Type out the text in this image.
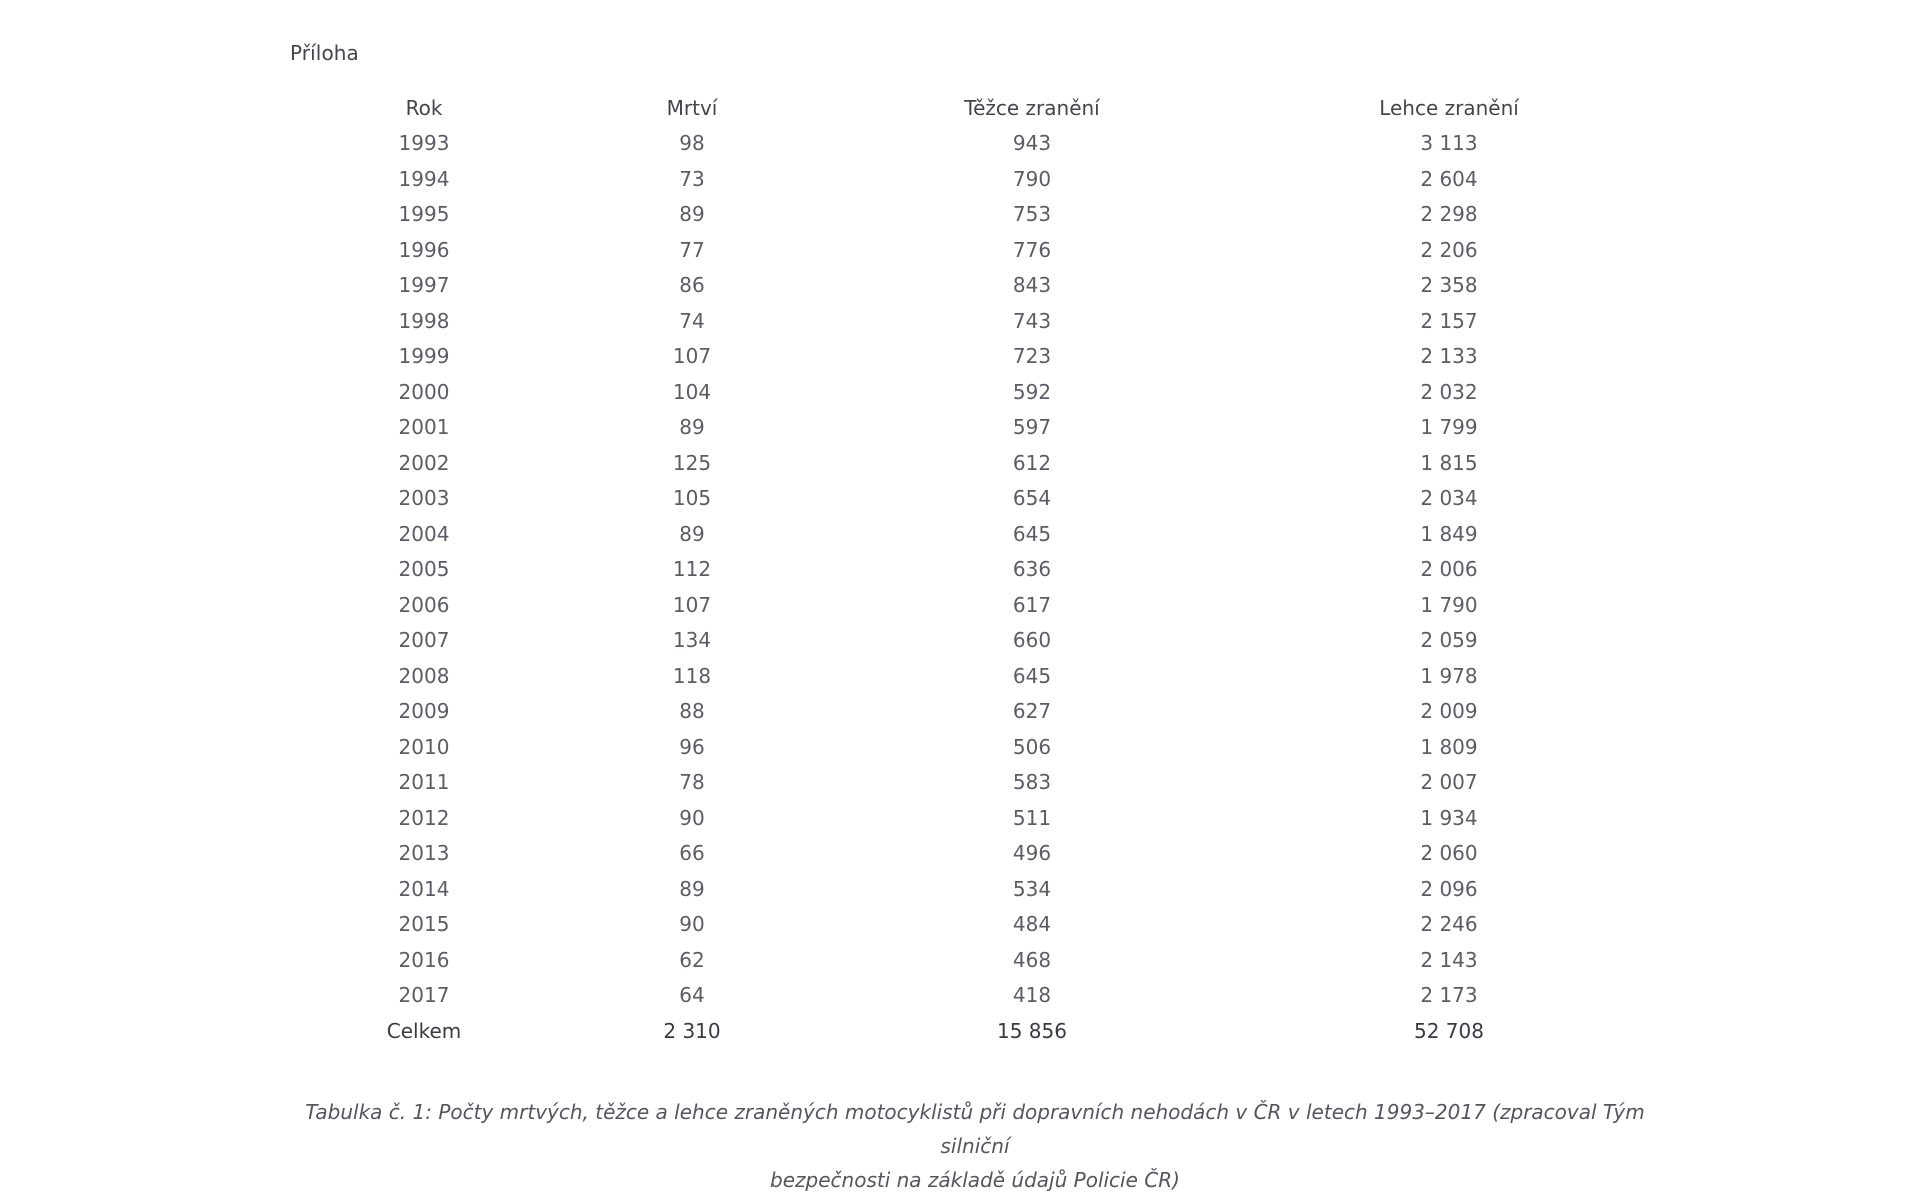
Příloha
Rok	Mrtví	Těžce zranění	Lehce zranění
1993	98	943	3 113
1994	73	790	2 604
1995	89	753	2 298
1996	77	776	2 206
1997	86	843	2 358
1998	74	743	2 157
1999	107	723	2 133
2000	104	592	2 032
2001	89	597	1 799
2002	125	612	1 815
2003	105	654	2 034
2004	89	645	1 849
2005	112	636	2 006
2006	107	617	1 790
2007	134	660	2 059
2008	118	645	1 978
2009	88	627	2 009
2010	96	506	1 809
2011	78	583	2 007
2012	90	511	1 934
2013	66	496	2 060
2014	89	534	2 096
2015	90	484	2 246
2016	62	468	2 143
2017	64	418	2 173
Celkem	2 310	15 856	52 708
Tabulka č. 1: Počty mrtvých, těžce a lehce zraněných motocyklistů při dopravních nehodách v ČR v letech 1993–2017 (zpracoval Tým silniční
bezpečnosti na základě údajů Policie ČR)
